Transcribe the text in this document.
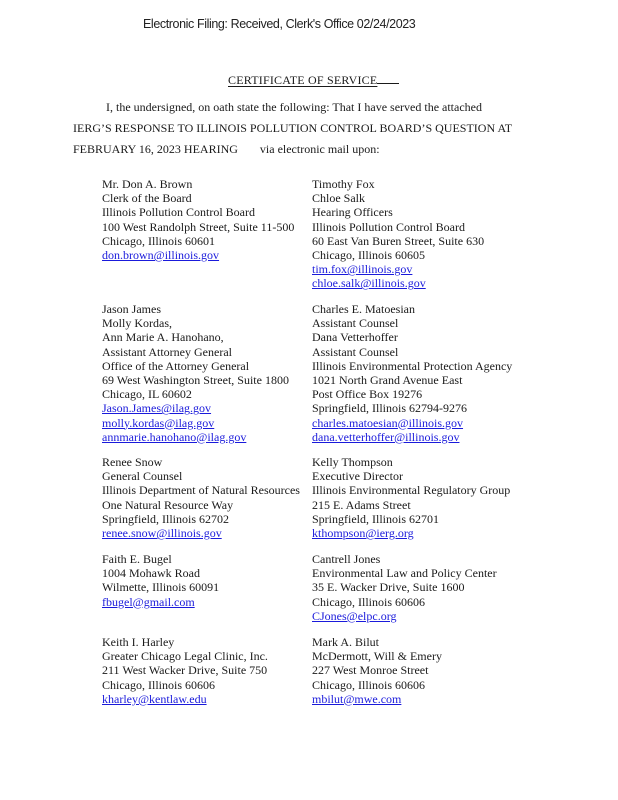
Electronic Filing: Received, Clerk's Office 02/24/2023
CERTIFICATE OF SERVICE
I, the undersigned, on oath state the following: That I have served the attached
IERG’S RESPONSE TO ILLINOIS POLLUTION CONTROL BOARD’S QUESTION AT
FEBRUARY 16, 2023 HEARING via electronic mail upon:
Mr. Don A. Brown
Clerk of the Board
Illinois Pollution Control Board
100 West Randolph Street, Suite 11-500
Chicago, Illinois 60601
don.brown@illinois.gov
Jason James
Molly Kordas,
Ann Marie A. Hanohano,
Assistant Attorney General
Office of the Attorney General
69 West Washington Street, Suite 1800
Chicago, IL 60602
Jason.James@ilag.gov
molly.kordas@ilag.gov
annmarie.hanohano@ilag.gov
Renee Snow
General Counsel
Illinois Department of Natural Resources
One Natural Resource Way
Springfield, Illinois 62702
renee.snow@illinois.gov
Faith E. Bugel
1004 Mohawk Road
Wilmette, Illinois 60091
fbugel@gmail.com
Keith I. Harley
Greater Chicago Legal Clinic, Inc.
211 West Wacker Drive, Suite 750
Chicago, Illinois 60606
kharley@kentlaw.edu
Timothy Fox
Chloe Salk
Hearing Officers
Illinois Pollution Control Board
60 East Van Buren Street, Suite 630
Chicago, Illinois 60605
tim.fox@illinois.gov
chloe.salk@illinois.gov
Charles E. Matoesian
Assistant Counsel
Dana Vetterhoffer
Assistant Counsel
Illinois Environmental Protection Agency
1021 North Grand Avenue East
Post Office Box 19276
Springfield, Illinois 62794-9276
charles.matoesian@illinois.gov
dana.vetterhoffer@illinois.gov
Kelly Thompson
Executive Director
Illinois Environmental Regulatory Group
215 E. Adams Street
Springfield, Illinois 62701
kthompson@ierg.org
Cantrell Jones
Environmental Law and Policy Center
35 E. Wacker Drive, Suite 1600
Chicago, Illinois 60606
CJones@elpc.org
Mark A. Bilut
McDermott, Will & Emery
227 West Monroe Street
Chicago, Illinois 60606
mbilut@mwe.com
